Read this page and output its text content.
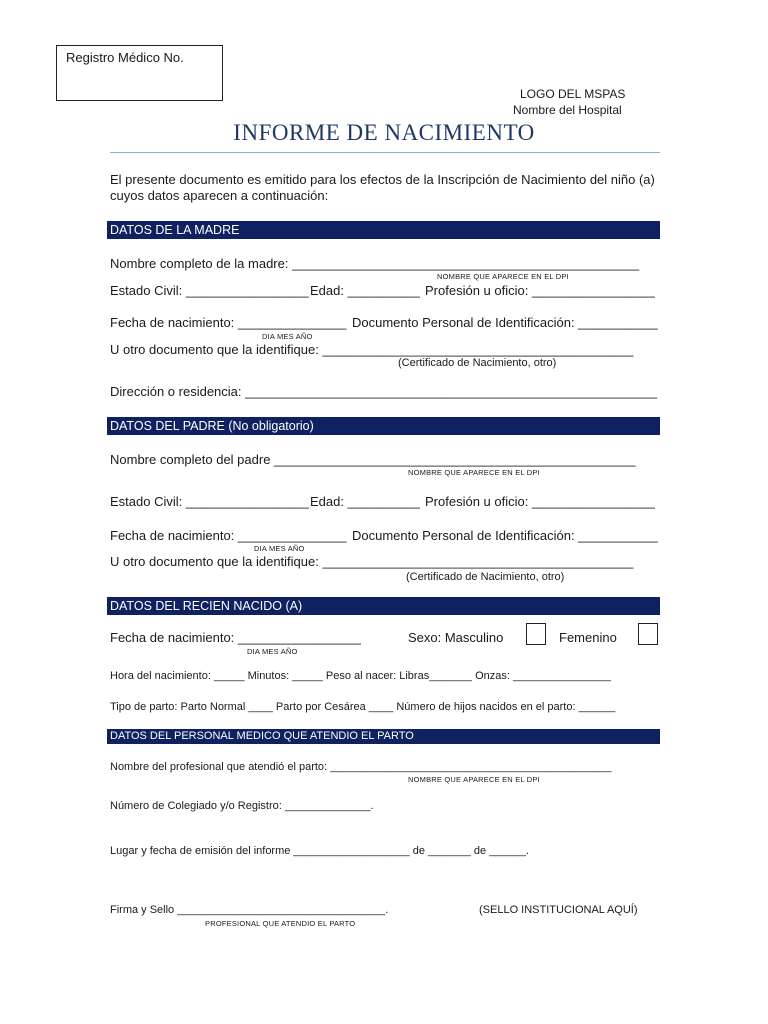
Registro Médico No.
LOGO DEL MSPAS
Nombre del Hospital
INFORME DE NACIMIENTO
El presente documento es emitido para los efectos de la Inscripción de Nacimiento del niño (a) cuyos datos aparecen a continuación:
DATOS DE LA MADRE
Nombre completo de la madre: ________________________________________________
NOMBRE QUE APARECE EN EL DPI
Estado Civil: _________________ Edad: __________ Profesión u oficio: _________________
Fecha de nacimiento: _______________
DIA MES AÑO
Documento Personal de Identificación: ___________
U otro documento que la identifique: ___________________________________________
(Certificado de Nacimiento, otro)
Dirección o residencia: _________________________________________________________
DATOS DEL PADRE (No obligatorio)
Nombre completo del padre __________________________________________________
NOMBRE QUE APARECE EN EL DPI
Estado Civil: _________________ Edad: __________ Profesión u oficio: _________________
Fecha de nacimiento: _______________
DIA MES AÑO
Documento Personal de Identificación: ___________
U otro documento que la identifique: ___________________________________________
(Certificado de Nacimiento, otro)
DATOS DEL RECIEN NACIDO (A)
Fecha de nacimiento: _________________
DIA MES AÑO
Sexo: Masculino	Femenino
Hora del nacimiento: _____ Minutos: _____ Peso al nacer: Libras_______ Onzas: ________________
Tipo de parto: Parto Normal ____ Parto por Cesárea ____ Número de hijos nacidos en el parto: ______
DATOS DEL PERSONAL MEDICO QUE ATENDIO EL PARTO
Nombre del profesional que atendió el parto: ______________________________________________
NOMBRE QUE APARECE EN EL DPI
Número de Colegiado y/o Registro: ______________.
Lugar y fecha de emisión del informe ___________________ de _______ de ______.
Firma y Sello __________________________________.
PROFESIONAL QUE ATENDIO EL PARTO
(SELLO INSTITUCIONAL AQUÍ)
